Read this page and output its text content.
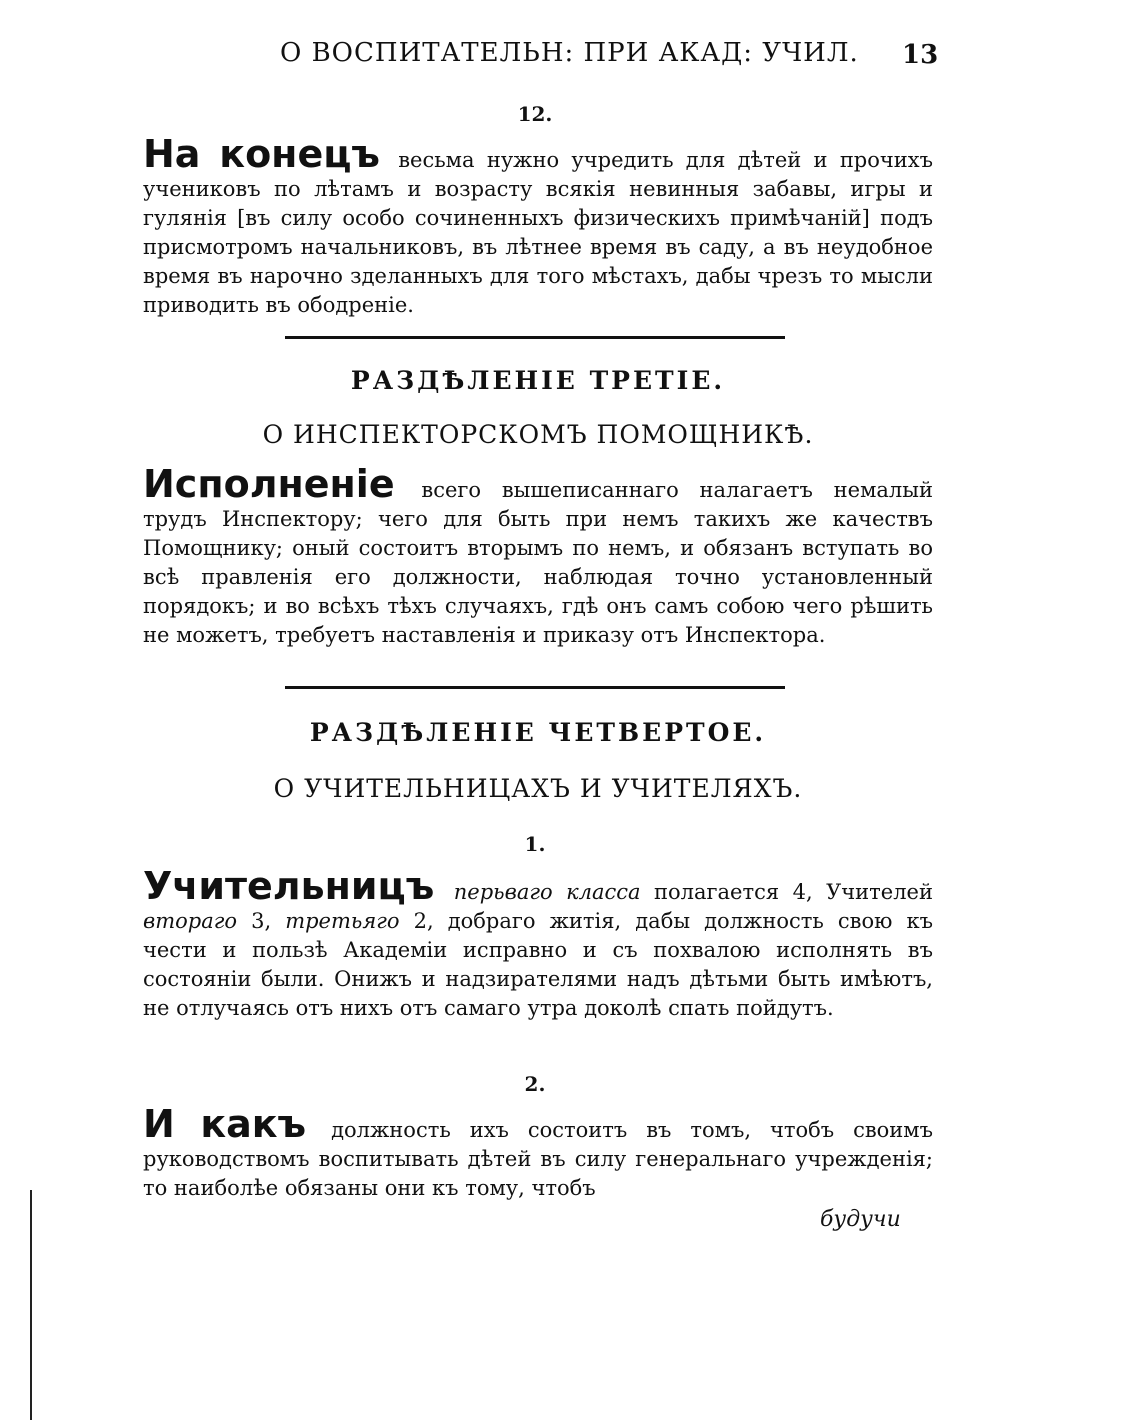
О ВОСПИТАТЕЛЬН: ПРИ АКАД: УЧИЛ. 13
12.
На конецъ весьма нужно учредить для дѣтей и прочихъ учениковъ по лѣтамъ и возрасту всякія невинныя забавы, игры и гулянія [въ силу особо сочиненныхъ физическихъ примѣчаній] подъ присмотромъ начальниковъ, въ лѣтнее время въ саду, а въ неудобное время въ нарочно зделанныхъ для того мѣстахъ, дабы чрезъ то мысли приводить въ ободреніе.
РАЗДѢЛЕНІЕ ТРЕТІЕ.
О ИНСПЕКТОРСКОМЪ ПОМОЩНИКѢ.
Исполненіе всего вышеписаннаго налагаетъ немалый трудъ Инспектору; чего для быть при немъ такихъ же качествъ Помощнику; оный состоитъ вторымъ по немъ, и обязанъ вступать во всѣ правленія его должности, наблюдая точно установленный порядокъ; и во всѣхъ тѣхъ случаяхъ, гдѣ онъ самъ собою чего рѣшить не можетъ, требуетъ наставленія и приказу отъ Инспектора.
РАЗДѢЛЕНІЕ ЧЕТВЕРТОЕ.
О УЧИТЕЛЬНИЦАХЪ И УЧИТЕЛЯХЪ.
1.
Учительницъ перьваго класса полагается 4, Учителей втораго 3, третьяго 2, добраго житія, дабы должность свою къ чести и пользѣ Академіи исправно и съ похвалою исполнять въ состояніи были. Онижъ и надзирателями надъ дѣтьми быть имѣютъ, не отлучаясь отъ нихъ отъ самаго утра доколѣ спать пойдутъ.
2.
И какъ должность ихъ состоитъ въ томъ, чтобъ своимъ руководствомъ воспитывать дѣтей въ силу генеральнаго учрежденія; то наиболѣе обязаны они къ тому, чтобъ
будучи
